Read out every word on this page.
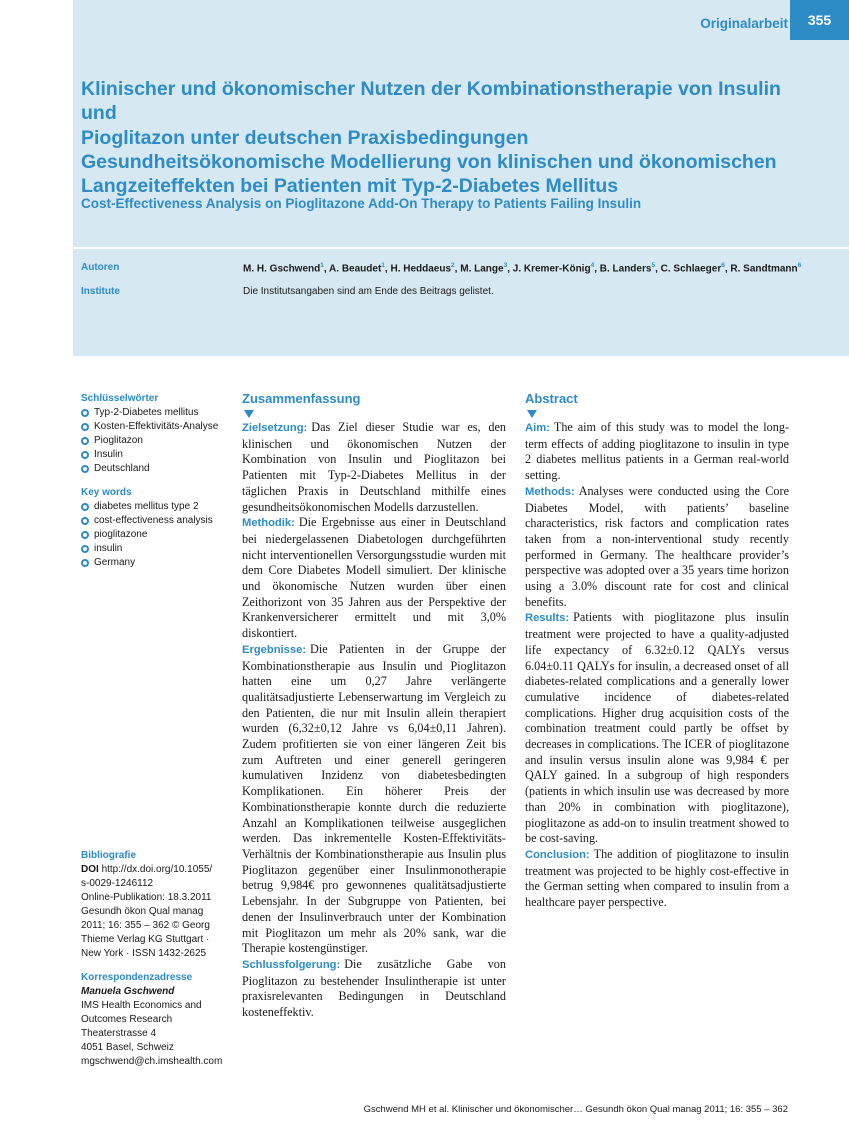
Originalarbeit	355
Klinischer und ökonomischer Nutzen der Kombinationstherapie von Insulin und
Pioglitazon unter deutschen Praxisbedingungen
Gesundheitsökonomische Modellierung von klinischen und ökonomischen
Langzeiteffekten bei Patienten mit Typ-2-Diabetes Mellitus
Cost-Effectiveness Analysis on Pioglitazone Add-On Therapy to Patients Failing Insulin
Autoren	M. H. Gschwend$^1$, A. Beaudet$^1$, H. Heddaeus$^2$, M. Lange$^3$, J. Kremer-König$^4$, B. Landers$^5$, C. Schlaeger$^6$, R. Sandtmann$^6$
Institute	Die Institutsangaben sind am Ende des Beitrags gelistet.
Schlüsselwörter
Typ-2-Diabetes mellitus
Kosten-Effektivitäts-Analyse
Pioglitazon
Insulin
Deutschland
Key words
diabetes mellitus type 2
cost-effectiveness analysis
pioglitazone
insulin
Germany
Bibliografie
DOI http://dx.doi.org/10.1055/
s-0029-1246112
Online-Publikation: 18.3.2011
Gesundh ökon Qual manag
2011; 16: 355 – 362 © Georg
Thieme Verlag KG Stuttgart ·
New York · ISSN 1432-2625
Korrespondenzadresse
Manuela Gschwend
IMS Health Economics and
Outcomes Research
Theaterstrasse 4
4051 Basel, Schweiz
mgschwend@ch.imshealth.com
Zusammenfassung

Zielsetzung: Das Ziel dieser Studie war es, den klinischen und ökonomischen Nutzen der Kombination von Insulin und Pioglitazon bei Patienten mit Typ-2-Diabetes Mellitus in der täglichen Praxis in Deutschland mithilfe eines gesundheitsökonomischen Modells darzustellen.

Methodik: Die Ergebnisse aus einer in Deutschland bei niedergelassenen Diabetologen durchgeführten nicht interventionellen Versorgungsstudie wurden mit dem Core Diabetes Modell simuliert. Der klinische und ökonomische Nutzen wurden über einen Zeithorizont von 35 Jahren aus der Perspektive der Krankenversicherer ermittelt und mit 3,0% diskontiert.

Ergebnisse: Die Patienten in der Gruppe der Kombinationstherapie aus Insulin und Pioglitazon hatten eine um 0,27 Jahre verlängerte qualitätsadjustierte Lebenserwartung im Vergleich zu den Patienten, die nur mit Insulin allein therapiert wurden (6,32±0,12 Jahre vs 6,04±0,11 Jahren). Zudem profitierten sie von einer längeren Zeit bis zum Auftreten und einer generell geringeren kumulativen Inzidenz von diabetesbedingten Komplikationen. Ein höherer Preis der Kombinationstherapie konnte durch die reduzierte Anzahl an Komplikationen teilweise ausgeglichen werden. Das inkrementelle Kosten-Effektivitäts-Verhältnis der Kombinationstherapie aus Insulin plus Pioglitazon gegenüber einer Insulinmonotherapie betrug 9,984€ pro gewonnenes qualitätsadjustierte Lebensjahr. In der Subgruppe von Patienten, bei denen der Insulinverbrauch unter der Kombination mit Pioglitazon um mehr als 20% sank, war die Therapie kostengünstiger.

Schlussfolgerung: Die zusätzliche Gabe von Pioglitazon zu bestehender Insulintherapie ist unter praxisrelevanten Bedingungen in Deutschland kosteneffektiv.

Abstract

Aim: The aim of this study was to model the long-term effects of adding pioglitazone to insulin in type 2 diabetes mellitus patients in a German real-world setting.

Methods: Analyses were conducted using the Core Diabetes Model, with patients’ baseline characteristics, risk factors and complication rates taken from a non-interventional study recently performed in Germany. The healthcare provider’s perspective was adopted over a 35 years time horizon using a 3.0% discount rate for cost and clinical benefits.

Results: Patients with pioglitazone plus insulin treatment were projected to have a quality-adjusted life expectancy of 6.32±0.12 QALYs versus 6.04±0.11 QALYs for insulin, a decreased onset of all diabetes-related complications and a generally lower cumulative incidence of diabetes-related complications. Higher drug acquisition costs of the combination treatment could partly be offset by decreases in complications. The ICER of pioglitazone and insulin versus insulin alone was 9,984 € per QALY gained. In a subgroup of high responders (patients in which insulin use was decreased by more than 20% in combination with pioglitazone), pioglitazone as add-on to insulin treatment showed to be cost-saving.

Conclusion: The addition of pioglitazone to insulin treatment was projected to be highly cost-effective in the German setting when compared to insulin from a healthcare payer perspective.

Gschwend MH et al. Klinischer und ökonomischer… Gesundh ökon Qual manag 2011; 16: 355 – 362
